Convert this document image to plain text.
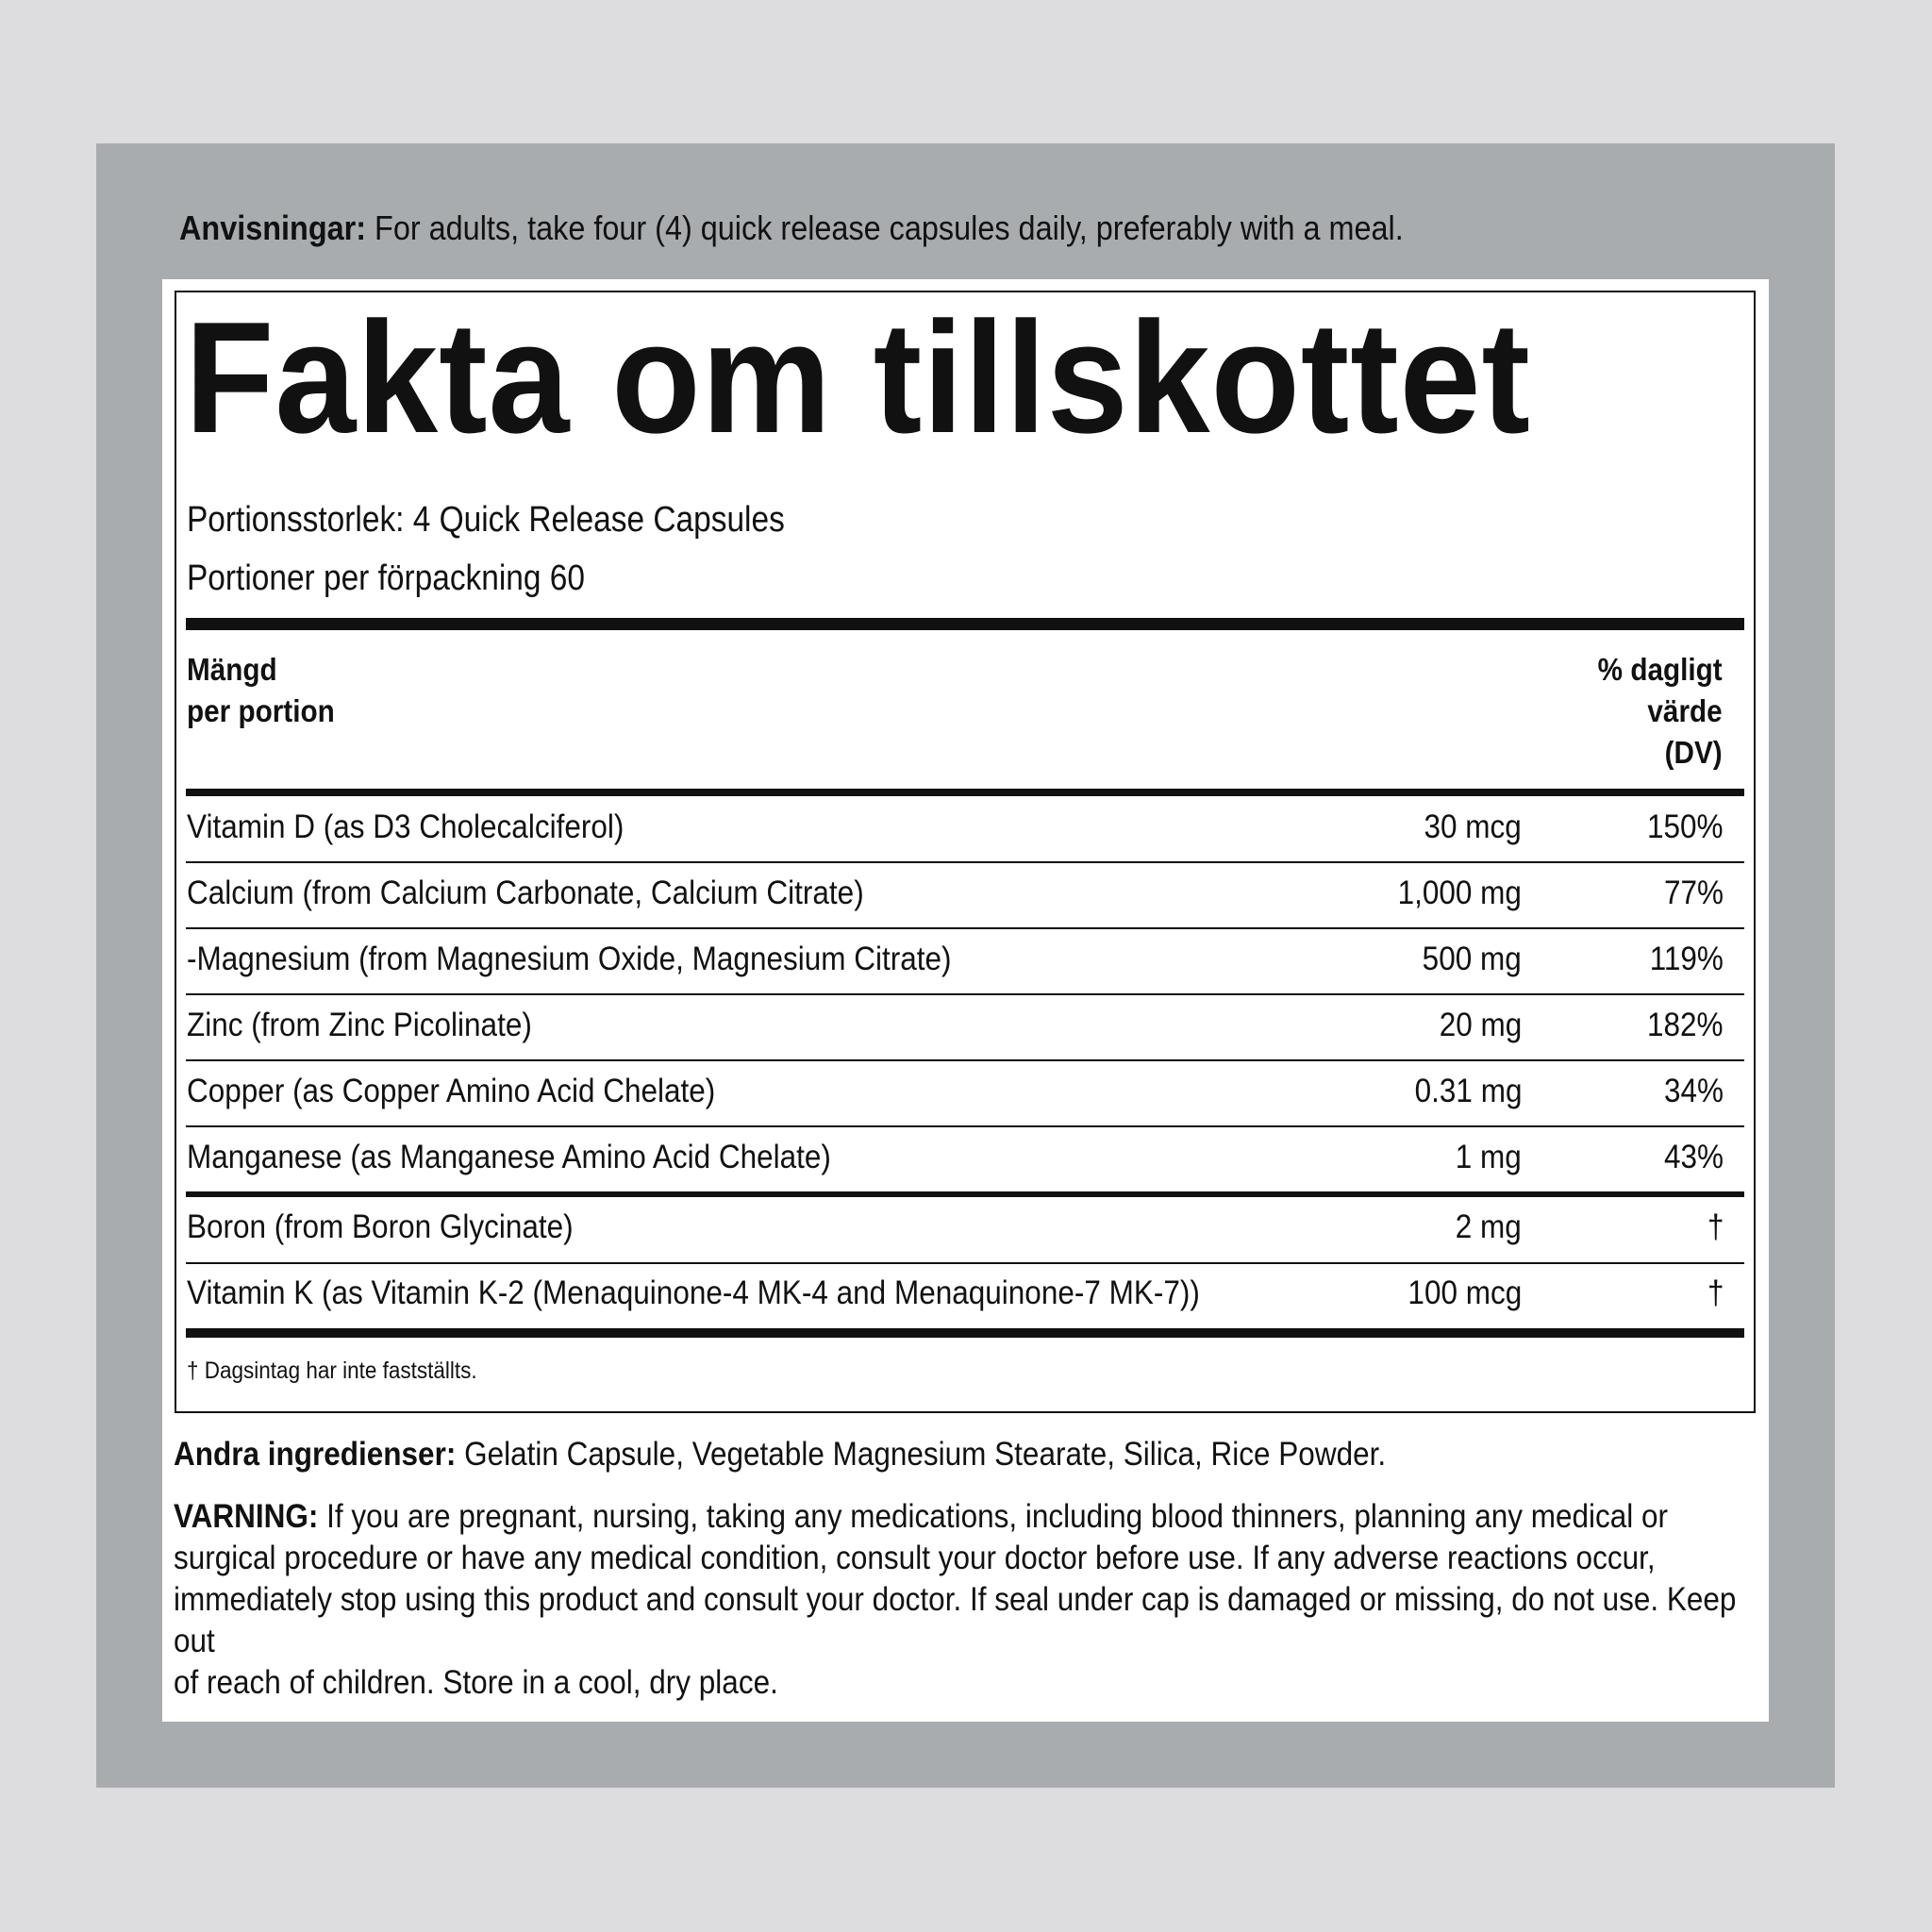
Anvisningar: For adults, take four (4) quick release capsules daily, preferably with a meal.
Fakta om tillskottet
Portionsstorlek: 4 Quick Release Capsules
Portioner per förpackning 60
Mängd
per portion
% dagligt
värde
(DV)
Vitamin D (as D3 Cholecalciferol)	30 mcg	150%
Calcium (from Calcium Carbonate, Calcium Citrate)	1,000 mg	77%
-Magnesium (from Magnesium Oxide, Magnesium Citrate)	500 mg	119%
Zinc (from Zinc Picolinate)	20 mg	182%
Copper (as Copper Amino Acid Chelate)	0.31 mg	34%
Manganese (as Manganese Amino Acid Chelate)	1 mg	43%
Boron (from Boron Glycinate)	2 mg	†
Vitamin K (as Vitamin K-2 (Menaquinone-4 MK-4 and Menaquinone-7 MK-7))	100 mcg	†
† Dagsintag har inte fastställts.
Andra ingredienser: Gelatin Capsule, Vegetable Magnesium Stearate, Silica, Rice Powder.
VARNING: If you are pregnant, nursing, taking any medications, including blood thinners, planning any medical or
surgical procedure or have any medical condition, consult your doctor before use. If any adverse reactions occur,
immediately stop using this product and consult your doctor. If seal under cap is damaged or missing, do not use. Keep
out
of reach of children. Store in a cool, dry place.
